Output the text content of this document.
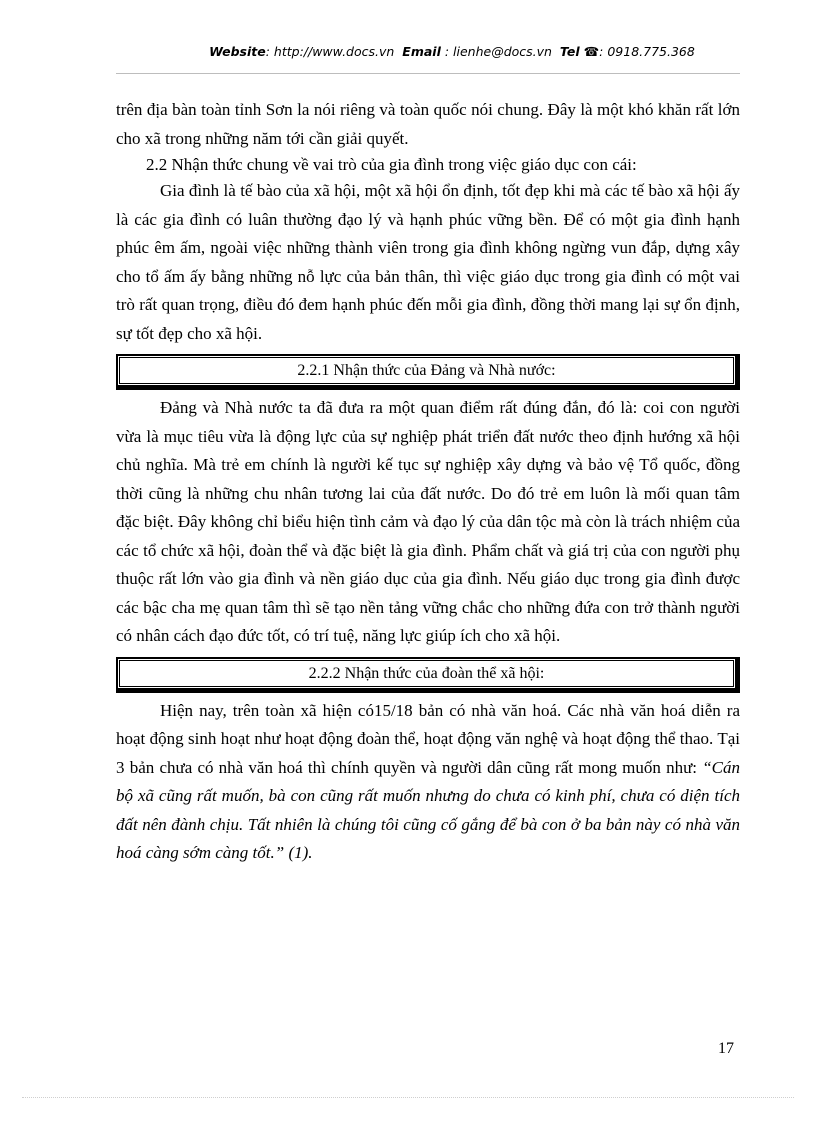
Website: http://www.docs.vn Email : lienhe@docs.vn Tel ☎: 0918.775.368

trên địa bàn toàn tỉnh Sơn la nói riêng và toàn quốc nói chung. Đây là một khó khăn rất lớn cho xã trong những năm tới cần giải quyết.

2.2 Nhận thức chung về vai trò của gia đình trong việc giáo dục con cái:

Gia đình là tế bào của xã hội, một xã hội ổn định, tốt đẹp khi mà các tế bào xã hội ấy là các gia đình có luân thường đạo lý và hạnh phúc vững bền. Để có một gia đình hạnh phúc êm ấm, ngoài việc những thành viên trong gia đình không ngừng vun đắp, dựng xây cho tổ ấm ấy bằng những nỗ lực của bản thân, thì việc giáo dục trong gia đình có một vai trò rất quan trọng, điều đó đem hạnh phúc đến mỗi gia đình, đồng thời mang lại sự ổn định, sự tốt đẹp cho xã hội.

2.2.1 Nhận thức của Đảng và Nhà nước:

Đảng và Nhà nước ta đã đưa ra một quan điểm rất đúng đắn, đó là: coi con người vừa là mục tiêu vừa là động lực của sự nghiệp phát triển đất nước theo định hướng xã hội chủ nghĩa. Mà trẻ em chính là người kế tục sự nghiệp xây dựng và bảo vệ Tổ quốc, đồng thời cũng là những chu nhân tương lai của đất nước. Do đó trẻ em luôn là mối quan tâm đặc biệt. Đây không chỉ biểu hiện tình cảm và đạo lý của dân tộc mà còn là trách nhiệm của các tổ chức xã hội, đoàn thể và đặc biệt là gia đình. Phẩm chất và giá trị của con người phụ thuộc rất lớn vào gia đình và nền giáo dục của gia đình. Nếu giáo dục trong gia đình được các bậc cha mẹ quan tâm thì sẽ tạo nền tảng vững chắc cho những đứa con trở thành người có nhân cách đạo đức tốt, có trí tuệ, năng lực giúp ích cho xã hội.

2.2.2 Nhận thức của đoàn thể xã hội:

Hiện nay, trên toàn xã hiện có15/18 bản có nhà văn hoá. Các nhà văn hoá diễn ra hoạt động sinh hoạt như hoạt động đoàn thể, hoạt động văn nghệ và hoạt động thể thao. Tại 3 bản chưa có nhà văn hoá thì chính quyền và người dân cũng rất mong muốn như: “Cán bộ xã cũng rất muốn, bà con cũng rất muốn nhưng do chưa có kinh phí, chưa có diện tích đất nên đành chịu. Tất nhiên là chúng tôi cũng cố gắng để bà con ở ba bản này có nhà văn hoá càng sớm càng tốt.” (1).

17
